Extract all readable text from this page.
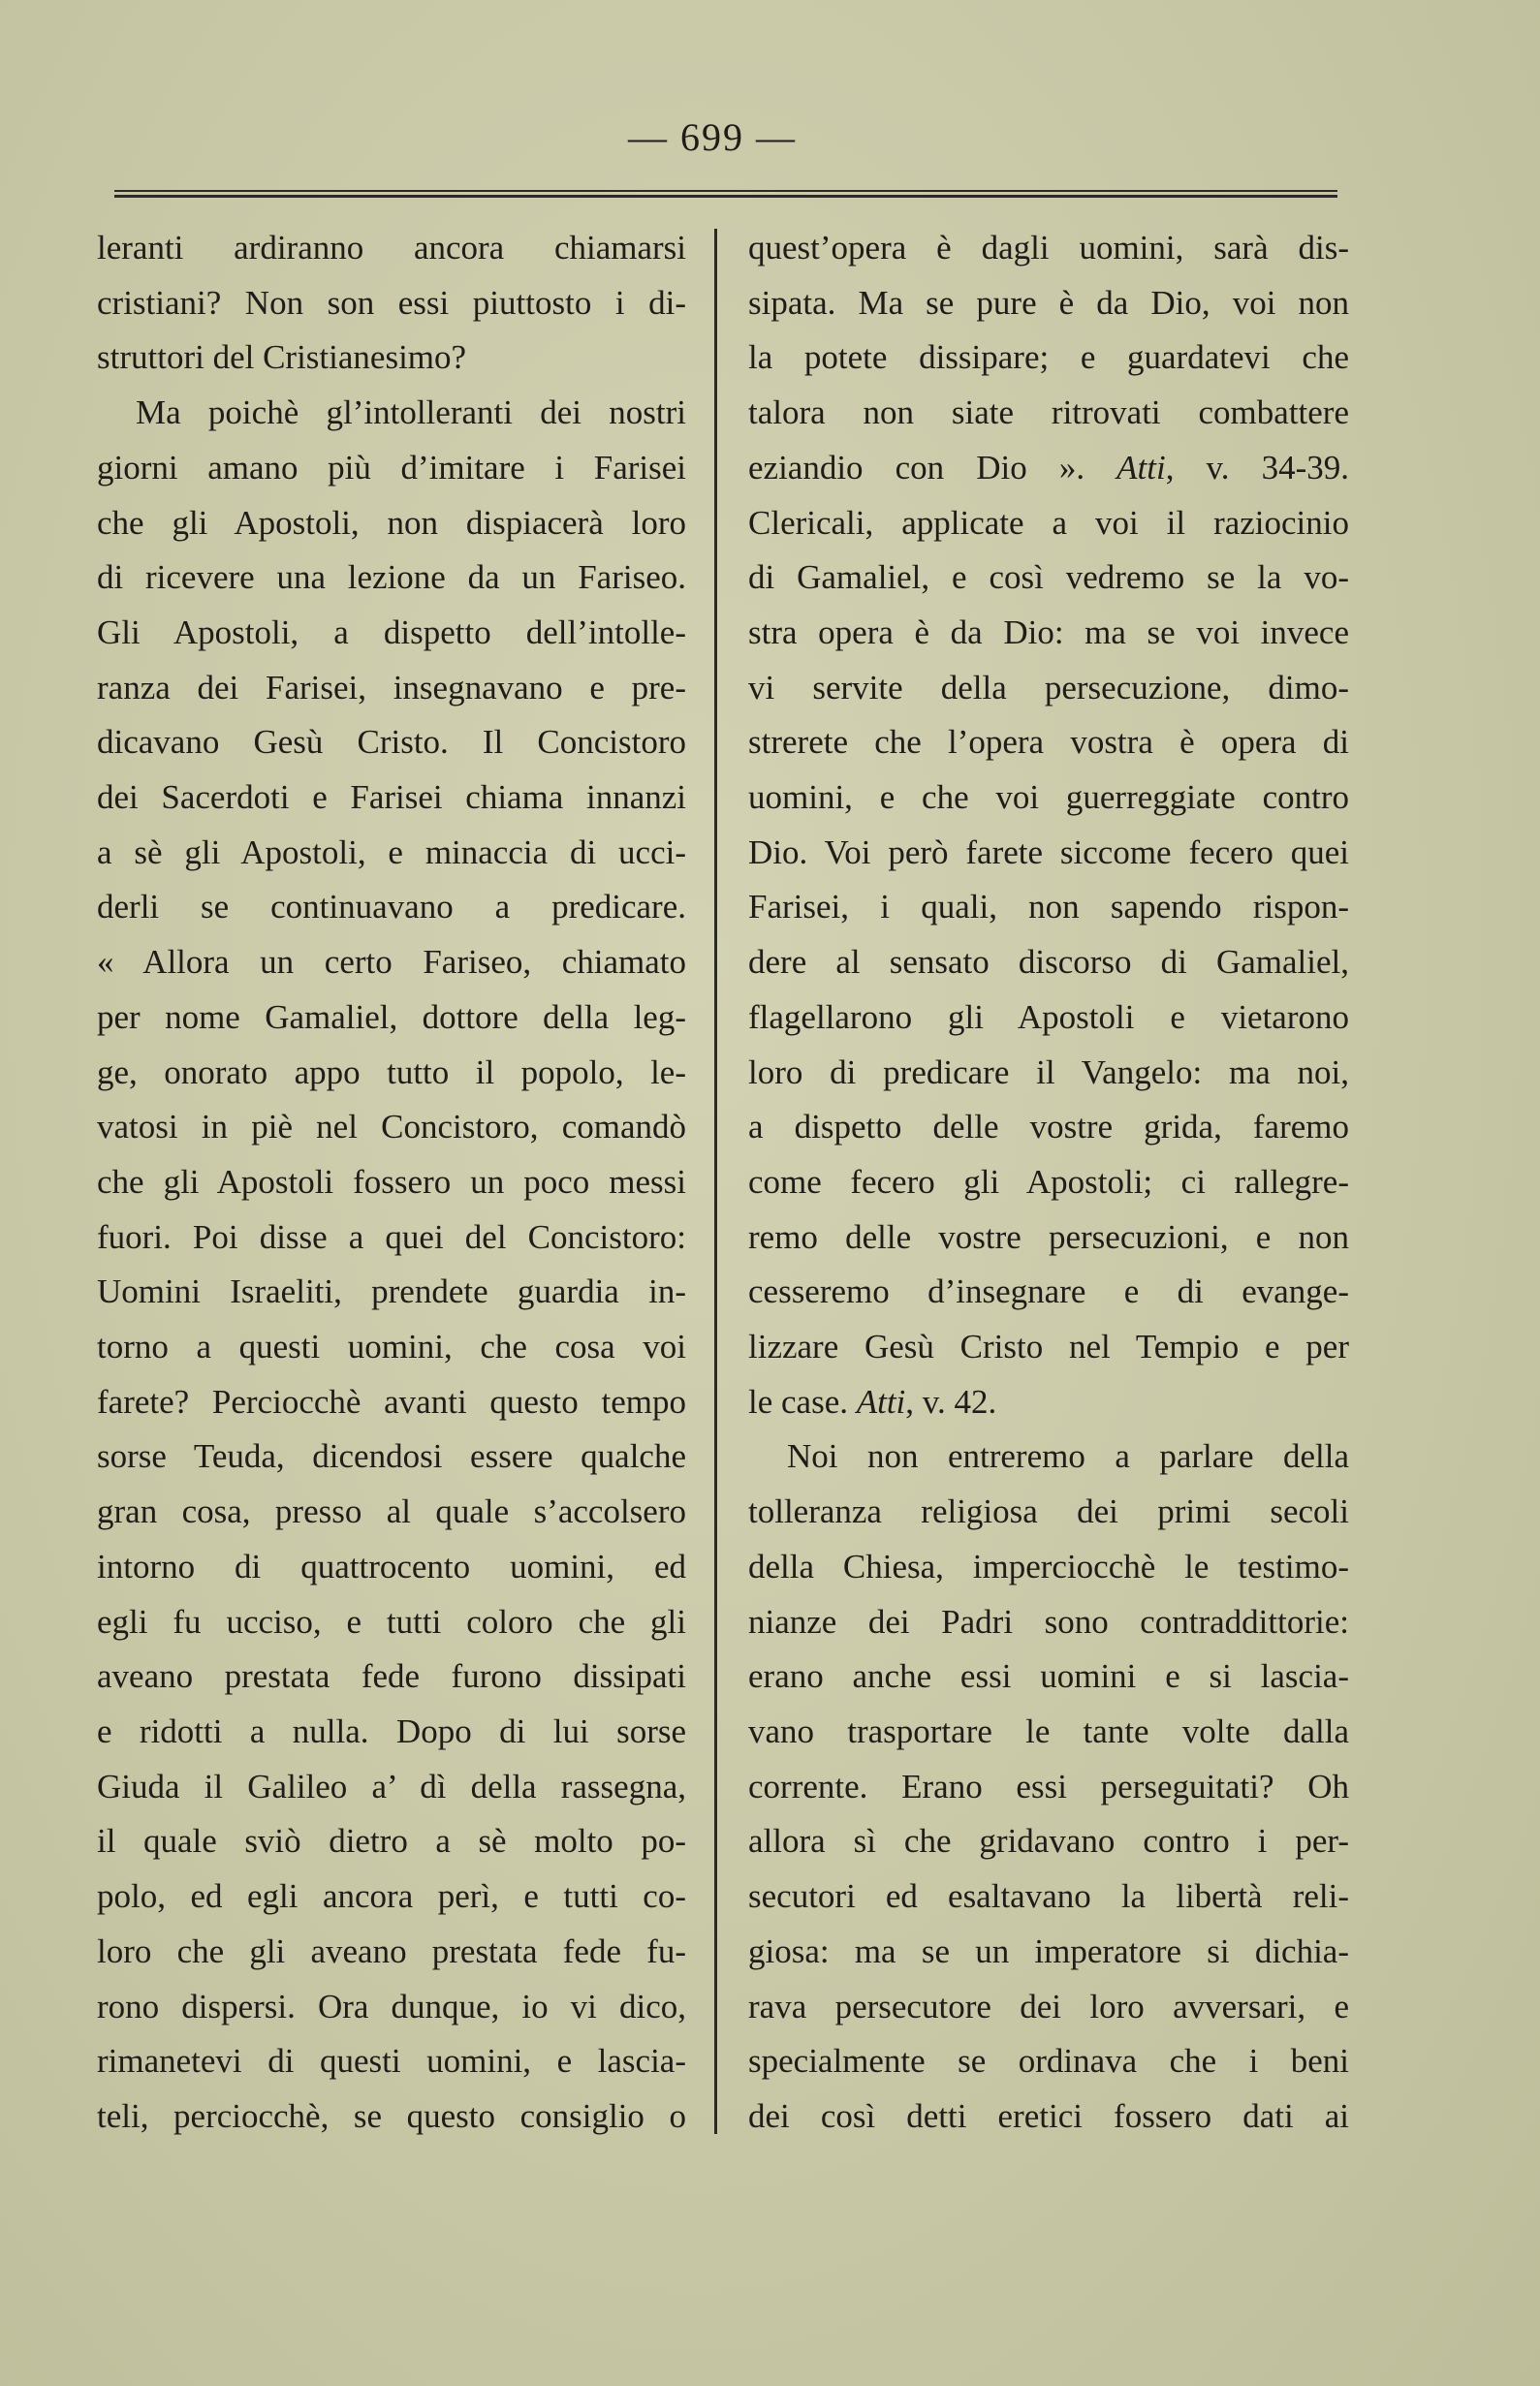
— 699 —
leranti ardiranno ancora chiamarsi
cristiani? Non son essi piuttosto i di-
struttori del Cristianesimo?
Ma poichè gl’intolleranti dei nostri
giorni amano più d’imitare i Farisei
che gli Apostoli, non dispiacerà loro
di ricevere una lezione da un Fariseo.
Gli Apostoli, a dispetto dell’intolle-
ranza dei Farisei, insegnavano e pre-
dicavano Gesù Cristo. Il Concistoro
dei Sacerdoti e Farisei chiama innanzi
a sè gli Apostoli, e minaccia di ucci-
derli se continuavano a predicare.
« Allora un certo Fariseo, chiamato
per nome Gamaliel, dottore della leg-
ge, onorato appo tutto il popolo, le-
vatosi in piè nel Concistoro, comandò
che gli Apostoli fossero un poco messi
fuori. Poi disse a quei del Concistoro:
Uomini Israeliti, prendete guardia in-
torno a questi uomini, che cosa voi
farete? Perciocchè avanti questo tempo
sorse Teuda, dicendosi essere qualche
gran cosa, presso al quale s’accolsero
intorno di quattrocento uomini, ed
egli fu ucciso, e tutti coloro che gli
aveano prestata fede furono dissipati
e ridotti a nulla. Dopo di lui sorse
Giuda il Galileo a’ dì della rassegna,
il quale sviò dietro a sè molto po-
polo, ed egli ancora perì, e tutti co-
loro che gli aveano prestata fede fu-
rono dispersi. Ora dunque, io vi dico,
rimanetevi di questi uomini, e lascia-
teli, perciocchè, se questo consiglio o
quest’opera è dagli uomini, sarà dis-
sipata. Ma se pure è da Dio, voi non
la potete dissipare; e guardatevi che
talora non siate ritrovati combattere
eziandio con Dio ». Atti, v. 34-39.
Clericali, applicate a voi il raziocinio
di Gamaliel, e così vedremo se la vo-
stra opera è da Dio: ma se voi invece
vi servite della persecuzione, dimo-
strerete che l’opera vostra è opera di
uomini, e che voi guerreggiate contro
Dio. Voi però farete siccome fecero quei
Farisei, i quali, non sapendo rispon-
dere al sensato discorso di Gamaliel,
flagellarono gli Apostoli e vietarono
loro di predicare il Vangelo: ma noi,
a dispetto delle vostre grida, faremo
come fecero gli Apostoli; ci rallegre-
remo delle vostre persecuzioni, e non
cesseremo d’insegnare e di evange-
lizzare Gesù Cristo nel Tempio e per
le case. Atti, v. 42.
Noi non entreremo a parlare della
tolleranza religiosa dei primi secoli
della Chiesa, imperciocchè le testimo-
nianze dei Padri sono contraddittorie:
erano anche essi uomini e si lascia-
vano trasportare le tante volte dalla
corrente. Erano essi perseguitati? Oh
allora sì che gridavano contro i per-
secutori ed esaltavano la libertà reli-
giosa: ma se un imperatore si dichia-
rava persecutore dei loro avversari, e
specialmente se ordinava che i beni
dei così detti eretici fossero dati ai
